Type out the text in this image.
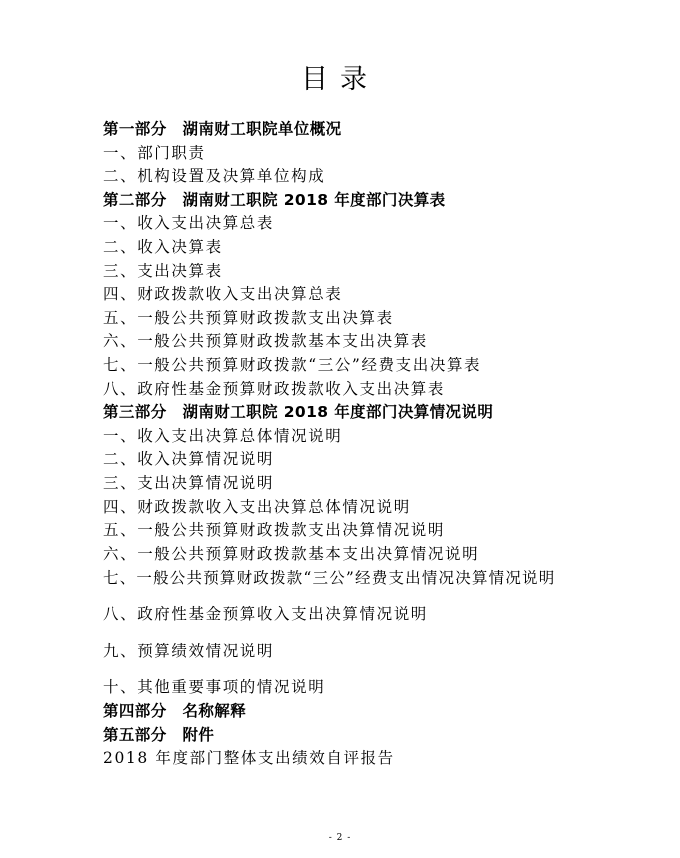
目录
第一部分　湖南财工职院单位概况
一、部门职责
二、机构设置及决算单位构成
第二部分　湖南财工职院 2018 年度部门决算表
一、收入支出决算总表
二、收入决算表
三、支出决算表
四、财政拨款收入支出决算总表
五、一般公共预算财政拨款支出决算表
六、一般公共预算财政拨款基本支出决算表
七、一般公共预算财政拨款“三公”经费支出决算表
八、政府性基金预算财政拨款收入支出决算表
第三部分　湖南财工职院 2018 年度部门决算情况说明
一、收入支出决算总体情况说明
二、收入决算情况说明
三、支出决算情况说明
四、财政拨款收入支出决算总体情况说明
五、一般公共预算财政拨款支出决算情况说明
六、一般公共预算财政拨款基本支出决算情况说明
七、一般公共预算财政拨款“三公”经费支出情况决算情况说明
八、政府性基金预算收入支出决算情况说明
九、预算绩效情况说明
十、其他重要事项的情况说明
第四部分　名称解释
第五部分　附件
2018 年度部门整体支出绩效自评报告
- 2 -
